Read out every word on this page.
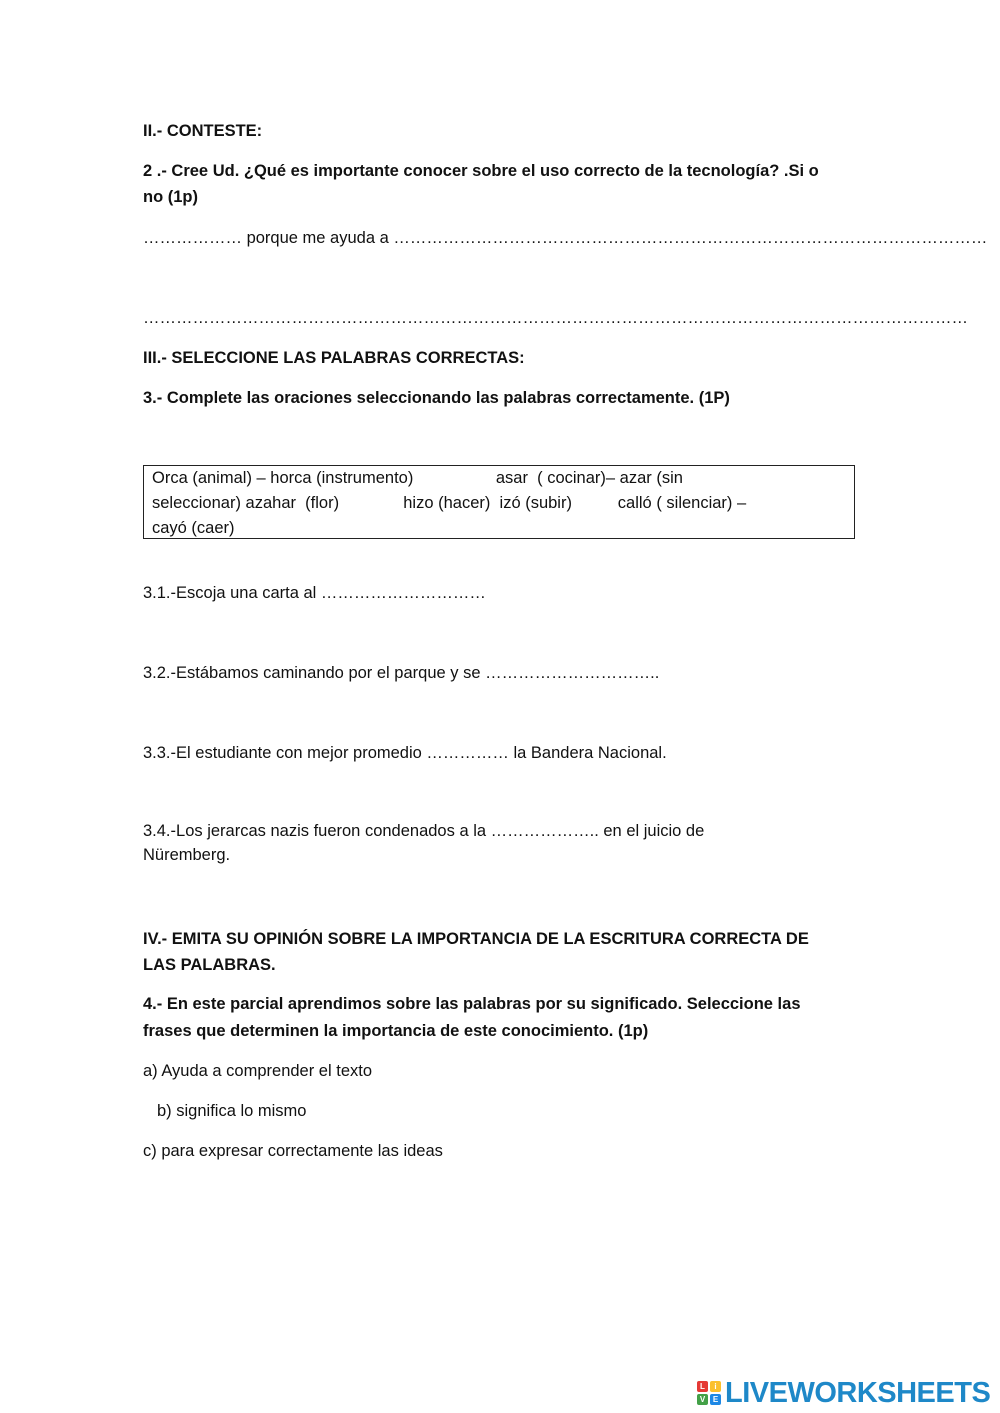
II.- CONTESTE:
2 .- Cree Ud. ¿Qué es importante conocer sobre el uso correcto de la tecnología? .Si o
no (1p)
……………… porque me ayuda a ………………………………………………………………………………………………
……………………………………………………………………………………………………………………………………
III.- SELECCIONE LAS PALABRAS CORRECTAS:
3.- Complete las oraciones seleccionando las palabras correctamente. (1P)
Orca (animal) – horca (instrumento)                  asar  ( cocinar)– azar (sin
seleccionar) azahar  (flor)              hizo (hacer)  izó (subir)          calló ( silenciar) –
cayó (caer)
3.1.-Escoja una carta al …………………………
3.2.-Estábamos caminando por el parque y se …………………………..
3.3.-El estudiante con mejor promedio …………… la Bandera Nacional.
3.4.-Los jerarcas nazis fueron condenados a la ……………….. en el juicio de
Nüremberg.
IV.- EMITA SU OPINIÓN SOBRE LA IMPORTANCIA DE LA ESCRITURA CORRECTA DE
LAS PALABRAS.
4.- En este parcial aprendimos sobre las palabras por su significado. Seleccione las
frases que determinen la importancia de este conocimiento. (1p)
a) Ayuda a comprender el texto
b) significa lo mismo
c) para expresar correctamente las ideas
L	i
V E LIVEWORKSHEETS
